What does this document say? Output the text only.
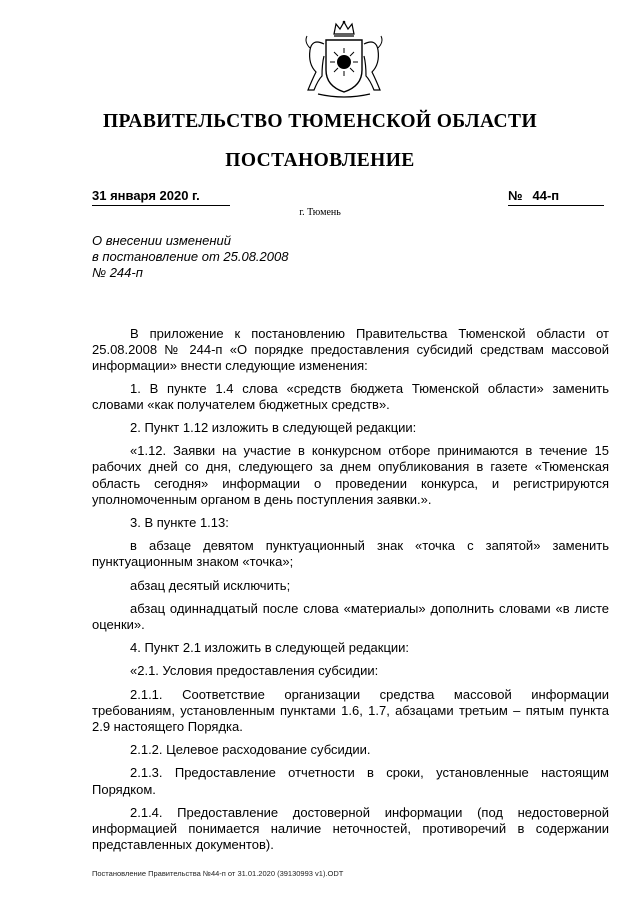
ПРАВИТЕЛЬСТВО ТЮМЕНСКОЙ ОБЛАСТИ
ПОСТАНОВЛЕНИЕ
31 января 2020 г.	№ 44-п
г. Тюмень
О внесении изменений
в постановление от 25.08.2008
№ 244-п

В приложение к постановлению Правительства Тюменской области от 25.08.2008 № 244-п «О порядке предоставления субсидий средствам массовой информации» внести следующие изменения:

1. В пункте 1.4 слова «средств бюджета Тюменской области» заменить словами «как получателем бюджетных средств».

2. Пункт 1.12 изложить в следующей редакции:

«1.12. Заявки на участие в конкурсном отборе принимаются в течение 15 рабочих дней со дня, следующего за днем опубликования в газете «Тюменская область сегодня» информации о проведении конкурса, и регистрируются уполномоченным органом в день поступления заявки.».

3. В пункте 1.13:

в абзаце девятом пунктуационный знак «точка с запятой» заменить пунктуационным знаком «точка»;

абзац десятый исключить;

абзац одиннадцатый после слова «материалы» дополнить словами «в листе оценки».

4. Пункт 2.1 изложить в следующей редакции:

«2.1. Условия предоставления субсидии:

2.1.1. Соответствие организации средства массовой информации требованиям, установленным пунктами 1.6, 1.7, абзацами третьим – пятым пункта 2.9 настоящего Порядка.

2.1.2. Целевое расходование субсидии.

2.1.3. Предоставление отчетности в сроки, установленные настоящим Порядком.

2.1.4. Предоставление достоверной информации (под недостоверной информацией понимается наличие неточностей, противоречий в содержании представленных документов).

Постановление Правительства №44-п от 31.01.2020 (39130993 v1).ODT
